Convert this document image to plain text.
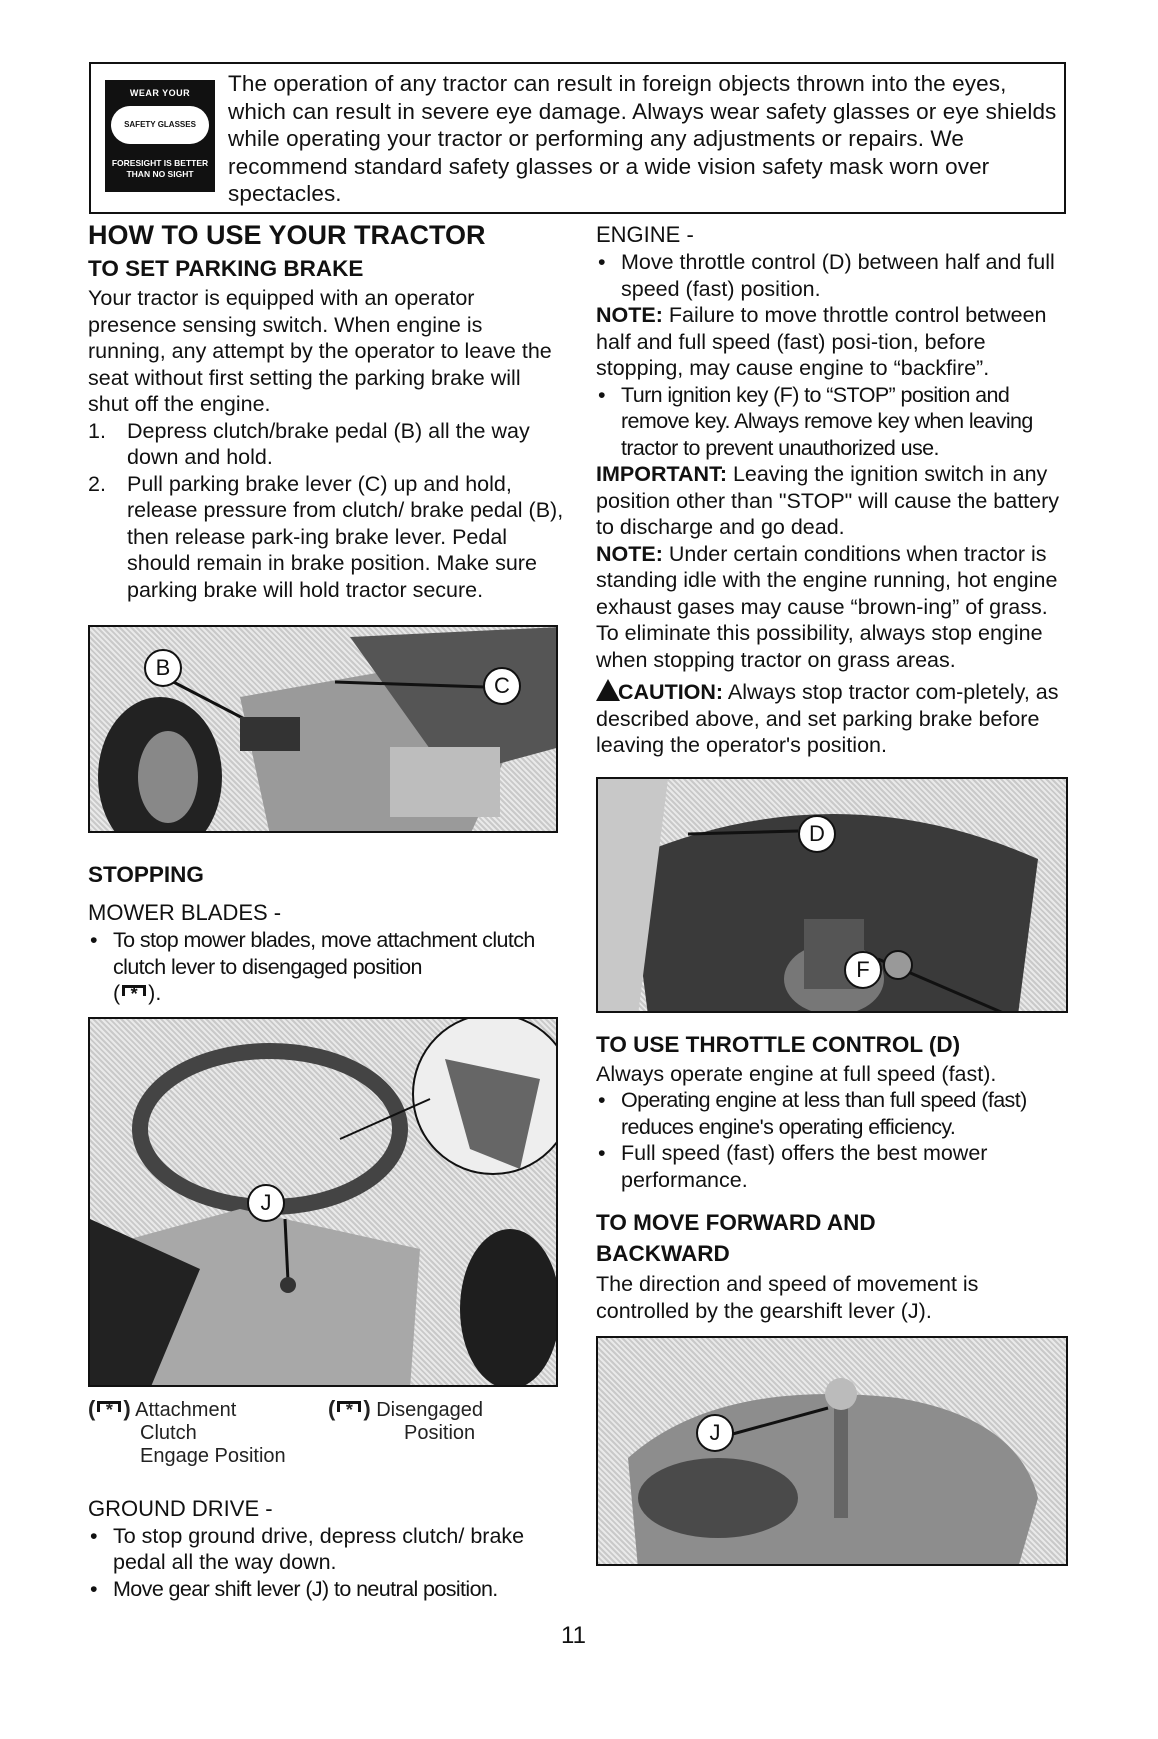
WEAR YOUR
SAFETY GLASSES
FORESIGHT IS BETTER THAN NO SIGHT
The operation of any tractor can result in foreign objects thrown into the eyes, which can result in severe eye damage. Always wear safety glasses or eye shields while operating your tractor or performing any adjustments or repairs. We recommend standard safety glasses or a wide vision safety mask worn over spectacles.
HOW TO USE YOUR TRACTOR
TO SET PARKING BRAKE

Your tractor is equipped with an operator presence sensing switch. When engine is running, any attempt by the operator to leave the seat without first setting the parking brake will shut off the engine.

1. Depress clutch/brake pedal (B) all the way down and hold.
2. Pull parking brake lever (C) up and hold, release pressure from clutch/ brake pedal (B), then release park-ing brake lever. Pedal should remain in brake position. Make sure parking brake will hold tractor secure.
B
C
STOPPING
MOWER BLADES -
• To stop mower blades, move attachment clutch clutch lever to disengaged position
( * ).
J
( * ) Attachment
Clutch
Engage Position
( * ) Disengaged
Position
GROUND DRIVE -
• To stop ground drive, depress clutch/ brake pedal all the way down.
• Move gear shift lever (J) to neutral position.
ENGINE -
• Move throttle control (D) between half and full speed (fast) position.

NOTE: Failure to move throttle control between half and full speed (fast) posi-tion, before stopping, may cause engine to “backfire”.

• Turn ignition key (F) to “STOP” position and remove key. Always remove key when leaving tractor to prevent unauthorized use.

IMPORTANT: Leaving the ignition switch in any position other than "STOP" will cause the battery to discharge and go dead.

NOTE: Under certain conditions when tractor is standing idle with the engine running, hot engine exhaust gases may cause “brown-ing” of grass. To eliminate this possibility, always stop engine when stopping tractor on grass areas.

CAUTION: Always stop tractor com-pletely, as described above, and set parking brake before leaving the operator's position.

D
F
TO USE THROTTLE CONTROL (D)

Always operate engine at full speed (fast).

• Operating engine at less than full speed (fast) reduces engine's operating efficiency.
• Full speed (fast) offers the best mower performance.
TO MOVE FORWARD AND BACKWARD

The direction and speed of movement is controlled by the gearshift lever (J).

J
11
